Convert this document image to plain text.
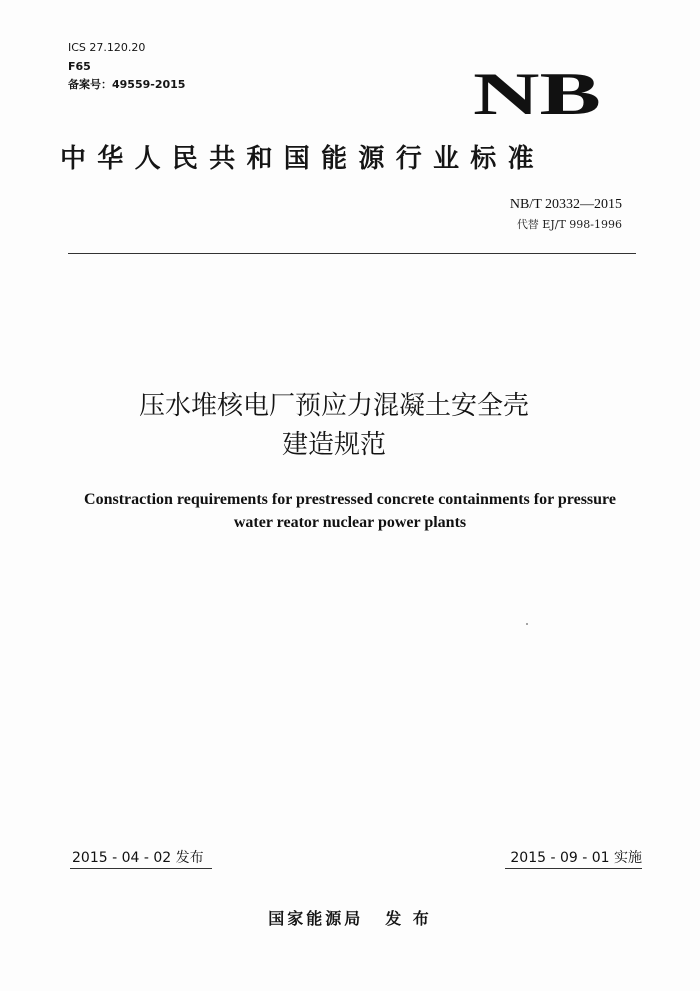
ICS 27.120.20
F65
备案号：49559-2015	NB
中华人民共和国能源行业标准
NB/T 20332—2015
代替 EJ/T 998-1996
压水堆核电厂预应力混凝土安全壳
建造规范
Constraction requirements for prestressed concrete containments for pressure
water reator nuclear power plants
2015 - 04 - 02 发布	2015 - 09 - 01 实施
国家能源局 发 布
